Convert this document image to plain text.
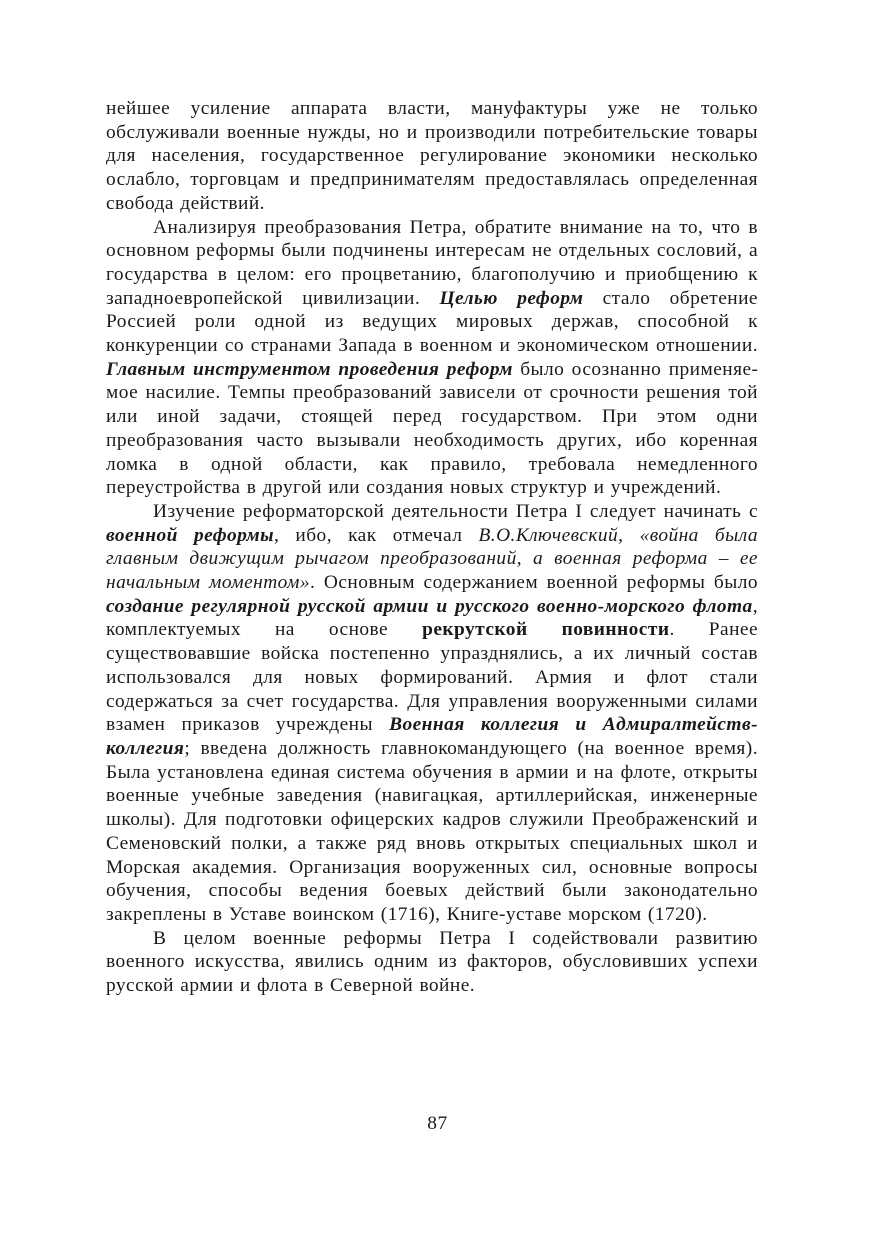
нейшее усиление аппарата власти, мануфактуры уже не только обслуживали военные нужды, но и производили потребительские товары для населения, государственное регулирование экономики несколько ослабло, торговцам и предпринимателям предоставлялась определенная свобода действий.

Анализируя преобразования Петра, обратите внимание на то, что в основном реформы были подчинены интересам не отдельных сословий, а государства в целом: его процветанию, благополучию и приобщению к западноевропейской цивилизации. Целью реформ стало обретение Россией роли одной из ведущих мировых держав, способной к конкуренции со странами Запада в военном и экономическом отношении. Главным инструментом проведения реформ было осознанно применяемое насилие. Темпы преобразований зависели от срочности решения той или иной задачи, стоящей перед государством. При этом одни преобразования часто вызывали необходимость других, ибо коренная ломка в одной области, как правило, требовала немедленного переустройства в другой или создания новых структур и учреждений.

Изучение реформаторской деятельности Петра I следует начинать с военной реформы, ибо, как отмечал В.О.Ключевский, «война была главным движущим рычагом преобразований, а военная реформа – ее начальным моментом». Основным содержанием военной реформы было создание регулярной русской армии и русского военно-морского флота, комплектуемых на основе рекрутской повинности. Ранее существовавшие войска постепенно упразднялись, а их личный состав использовался для новых формирований. Армия и флот стали содержаться за счет государства. Для управления вооруженными силами взамен приказов учреждены Военная коллегия и Адмиралтейств-коллегия; введена должность главнокомандующего (на военное время). Была установлена единая система обучения в армии и на флоте, открыты военные учебные заведения (навигацкая, артиллерийская, инженерные школы). Для подготовки офицерских кадров служили Преображенский и Семеновский полки, а также ряд вновь открытых специальных школ и Морская академия. Организация вооруженных сил, основные вопросы обучения, способы ведения боевых действий были законодательно закреплены в Уставе воинском (1716), Книге-уставе морском (1720).

В целом военные реформы Петра I содействовали развитию военного искусства, явились одним из факторов, обусловивших успехи русской армии и флота в Северной войне.

87
